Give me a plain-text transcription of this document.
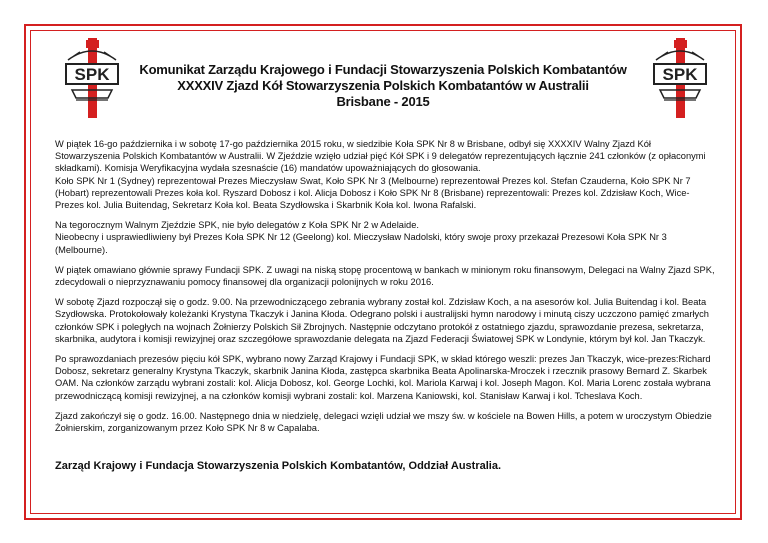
SPK	SPK
Komunikat Zarządu Krajowego i Fundacji Stowarzyszenia Polskich Kombatantów
XXXXIV Zjazd Kół Stowarzyszenia Polskich Kombatantów w Australii
Brisbane - 2015

W piątek 16-go października i w sobotę 17-go października 2015 roku, w siedzibie Koła SPK Nr 8 w Brisbane, odbył się XXXXIV Walny Zjazd Kół Stowarzyszenia Polskich Kombatantów w Australii. W Zjeździe wzięło udział pięć Kół SPK i 9 delegatów reprezentujących łącznie 241 członków (z opłaconymi składkami). Komisja Weryfikacyjna wydała szesnaście (16) mandatów upoważniających do głosowania.
Koło SPK Nr 1 (Sydney) reprezentował Prezes Mieczysław Swat, Koło SPK Nr 3 (Melbourne) reprezentował Prezes kol. Stefan Czauderna, Koło SPK Nr 7 (Hobart) reprezentowali Prezes koła kol. Ryszard Dobosz i kol. Alicja Dobosz i Koło SPK Nr 8 (Brisbane) reprezentowali: Prezes kol. Zdzisław Koch, Wice-Prezes kol. Julia Buitendag, Sekretarz Koła kol. Beata Szydłowska i Skarbnik Koła kol. Iwona Rafalski.

Na tegorocznym Walnym Zjeździe SPK, nie było delegatów z Koła SPK Nr 2 w Adelaide.
Nieobecny i usprawiedliwieny był Prezes Koła SPK Nr 12 (Geelong) kol. Mieczysław Nadolski, który swoje proxy przekazał Prezesowi Koła SPK Nr 3 (Melbourne).

W piątek omawiano głównie sprawy Fundacji SPK. Z uwagi na niską stopę procentową w bankach w minionym roku finansowym, Delegaci na Walny Zjazd SPK, zdecydowali o nieprzyznawaniu pomocy finansowej dla organizacji polonijnych w roku 2016.

W sobotę Zjazd rozpoczął się o godz. 9.00. Na przewodniczącego zebrania wybrany został kol. Zdzisław Koch, a na asesorów kol. Julia Buitendag i kol. Beata Szydłowska. Protokołowały koleżanki Krystyna Tkaczyk i Janina Kłoda. Odegrano polski i australijski hymn narodowy i minutą ciszy uczczono pamięć zmarłych członków SPK i poległych na wojnach Żołnierzy Polskich Sił Zbrojnych. Następnie odczytano protokół z ostatniego zjazdu, sprawozdanie prezesa, sekretarza, skarbnika, audytora i komisji rewizyjnej oraz szczegółowe sprawozdanie delegata na Zjazd Federacji Światowej SPK w Londynie, którym był kol. Jan Tkaczyk.

Po sprawozdaniach prezesów pięciu kół SPK, wybrano nowy Zarząd Krajowy i Fundacji SPK, w skład którego weszli: prezes Jan Tkaczyk, wice-prezes:Richard Dobosz, sekretarz generalny Krystyna Tkaczyk, skarbnik Janina Kłoda, zastępca skarbnika Beata Apolinarska-Mroczek i rzecznik prasowy Bernard Z. Skarbek OAM. Na członków zarządu wybrani zostali: kol. Alicja Dobosz, kol. George Lochki, kol. Mariola Karwaj i kol. Joseph Magon. Kol. Maria Lorenc została wybrana przewodniczącą komisji rewizyjnej, a na członków komisji wybrani zostali: kol. Marzena Kaniowski, kol. Stanisław Karwaj i kol. Tcheslava Koch.

Zjazd zakończył się o godz. 16.00. Następnego dnia w niedzielę, delegaci wzięli udział we mszy św. w kościele na Bowen Hills, a potem w uroczystym Obiedzie Żołnierskim, zorganizowanym przez Koło SPK Nr 8 w Capalaba.

Zarząd Krajowy i Fundacja Stowarzyszenia Polskich Kombatantów, Oddział Australia.
